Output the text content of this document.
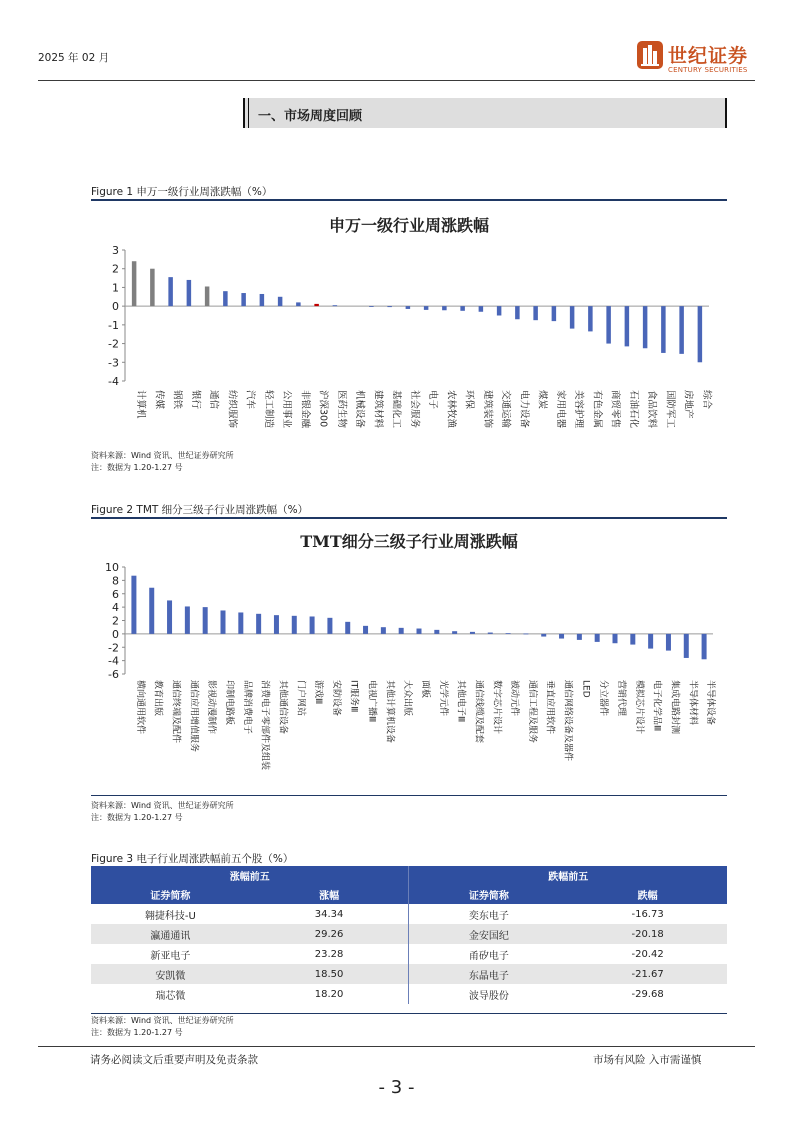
2025 年 02 月	世纪证券
CENTURY SECURITIES
一、市场周度回顾
Figure 1 申万一级行业周涨跌幅（%）
申万一级行业周涨跌幅
3
2
1
0
-1
-2
-3
-4
计算机 传媒 钢铁 银行 通信 纺织服饰 汽车 轻工制造 公用事业 非银金融 沪深300 医药生物 机械设备 建筑材料 基础化工 社会服务 电子 农林牧渔 环保 建筑装饰 交通运输 电力设备 煤炭 家用电器 美容护理 有色金属 商贸零售 石油石化 食品饮料 国防军工 房地产 综合
资料来源：Wind 资讯、世纪证券研究所
注：数据为 1.20-1.27 号
Figure 2 TMT 细分三级子行业周涨跌幅（%）
TMT细分三级子行业周涨跌幅
10
8
6
4
2
0
-2
-4
-6
横向通用软件 教育出版 通信终端及配件 通信应用增值服务 影视动漫制作 印制电路板 品牌消费电子 消费电子零部件及组装 其他通信设备 门户网站 游戏Ⅲ 安防设备 IT服务Ⅲ 电视广播Ⅲ 其他计算机设备 大众出版 面板 光学元件 其他电子Ⅲ 通信线缆及配套 数字芯片设计 被动元件 通信工程及服务 垂直应用软件 通信网络设备及器件 LED 分立器件 营销代理 模拟芯片设计 电子化学品Ⅲ 集成电路封测 半导体材料 半导体设备
资料来源：Wind 资讯、世纪证券研究所
注：数据为 1.20-1.27 号
Figure 3 电子行业周涨跌幅前五个股（%）
涨幅前五		跌幅前五	
证券简称	涨幅	证券简称	跌幅
翱捷科技-U	34.34	奕东电子	-16.73
瀛通通讯	29.26	金安国纪	-20.18
新亚电子	23.28	甬矽电子	-20.42
安凯微	18.50	东晶电子	-21.67
瑞芯微	18.20	波导股份	-29.68
资料来源：Wind 资讯、世纪证券研究所
注：数据为 1.20-1.27 号
请务必阅读文后重要声明及免责条款	市场有风险 入市需谨慎
- 3 -
